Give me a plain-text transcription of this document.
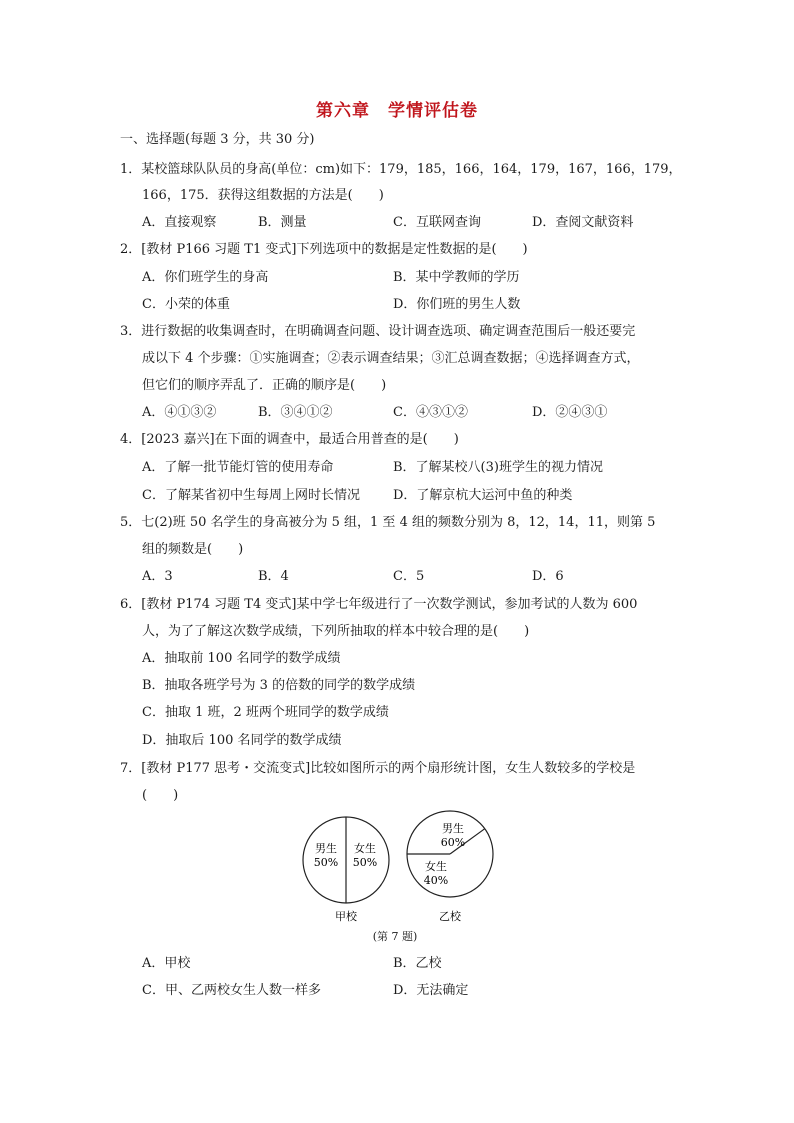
第六章　学情评估卷
一、选择题(每题 3 分，共 30 分)
1．某校篮球队队员的身高(单位：cm)如下：179，185，166，164，179，167，166，179，
166，175．获得这组数据的方法是(　　)
A．直接观察	B．测量	C．互联网查询	D．查阅文献资料
2．[教材 P166 习题 T1 变式]下列选项中的数据是定性数据的是(　　)
A．你们班学生的身高	B．某中学教师的学历
C．小荣的体重	D．你们班的男生人数
3．进行数据的收集调查时，在明确调查问题、设计调查选项、确定调查范围后一般还要完
成以下 4 个步骤：①实施调查；②表示调查结果；③汇总调查数据；④选择调查方式，
但它们的顺序弄乱了．正确的顺序是(　　)
A．④①③②	B．③④①②	C．④③①②	D．②④③①
4．[2023 嘉兴]在下面的调查中，最适合用普查的是(　　)
A．了解一批节能灯管的使用寿命	B．了解某校八(3)班学生的视力情况
C．了解某省初中生每周上网时长情况	D．了解京杭大运河中鱼的种类
5．七(2)班 50 名学生的身高被分为 5 组，1 至 4 组的频数分别为 8，12，14，11，则第 5
组的频数是(　　)
A．3	B．4	C．5	D．6
6．[教材 P174 习题 T4 变式]某中学七年级进行了一次数学测试，参加考试的人数为 600
人，为了了解这次数学成绩，下列所抽取的样本中较合理的是(　　)
A．抽取前 100 名同学的数学成绩
B．抽取各班学号为 3 的倍数的同学的数学成绩
C．抽取 1 班，2 班两个班同学的数学成绩
D．抽取后 100 名同学的数学成绩
7．[教材 P177 思考・交流变式]比较如图所示的两个扇形统计图，女生人数较多的学校是
(　　)
男生
50%
女生
50%
男生
60%
女生
40%
甲校	乙校
(第 7 题)
A．甲校	B．乙校
C．甲、乙两校女生人数一样多	D．无法确定
